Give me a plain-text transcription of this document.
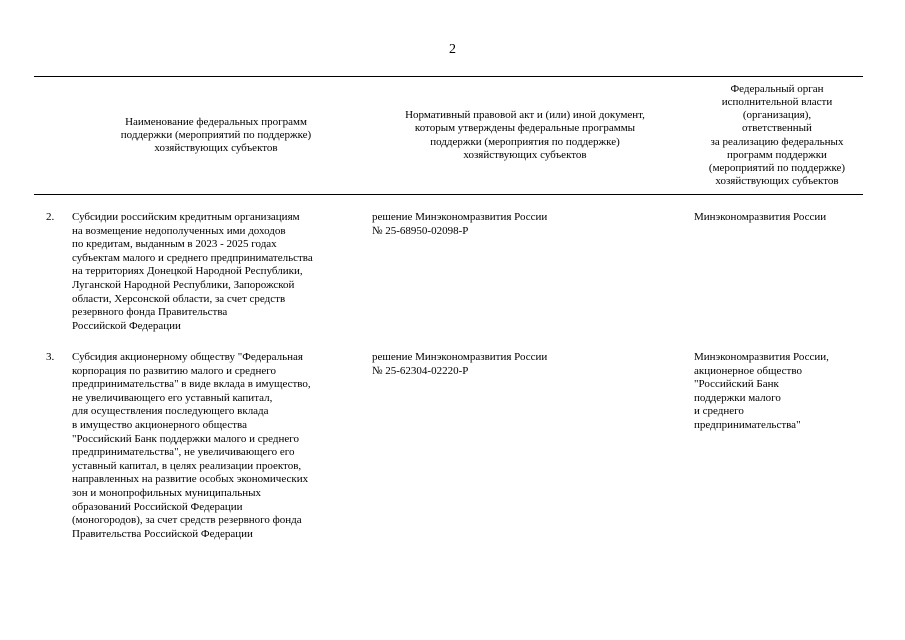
2
Наименование федеральных программ
поддержки (мероприятий по поддержке)
хозяйствующих субъектов
Нормативный правовой акт и (или) иной документ,
которым утверждены федеральные программы
поддержки (мероприятия по поддержке)
хозяйствующих субъектов
Федеральный орган
исполнительной власти
(организация),
ответственный
за реализацию федеральных
программ поддержки
(мероприятий по поддержке)
хозяйствующих субъектов
2.	Субсидии российским кредитным организациям
на возмещение недополученных ими доходов
по кредитам, выданным в 2023 - 2025 годах
субъектам малого и среднего предпринимательства
на территориях Донецкой Народной Республики,
Луганской Народной Республики, Запорожской
области, Херсонской области, за счет средств
резервного фонда Правительства
Российской Федерации
решение Минэкономразвития России
№ 25-68950-02098-Р
Минэкономразвития России
3.	Субсидия акционерному обществу "Федеральная
корпорация по развитию малого и среднего
предпринимательства" в виде вклада в имущество,
не увеличивающего его уставный капитал,
для осуществления последующего вклада
в имущество акционерного общества
"Российский Банк поддержки малого и среднего
предпринимательства", не увеличивающего его
уставный капитал, в целях реализации проектов,
направленных на развитие особых экономических
зон и монопрофильных муниципальных
образований Российской Федерации
(моногородов), за счет средств резервного фонда
Правительства Российской Федерации
решение Минэкономразвития России
№ 25-62304-02220-Р
Минэкономразвития России,
акционерное общество
"Российский Банк
поддержки малого
и среднего
предпринимательства"
